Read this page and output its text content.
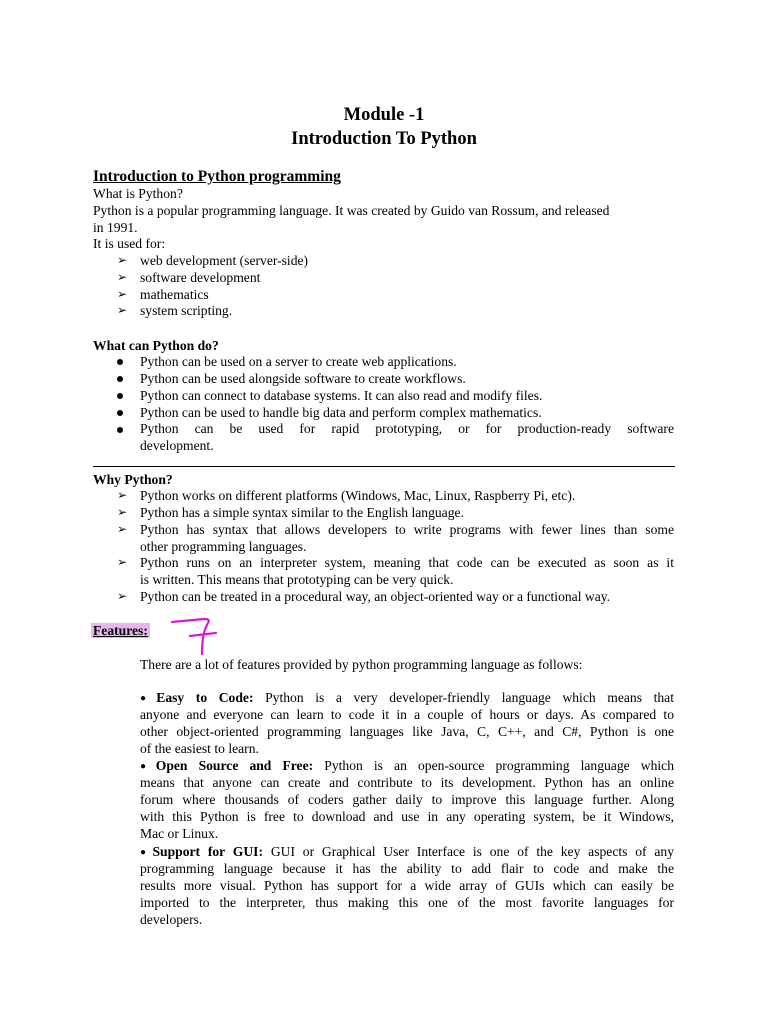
Module -1
Introduction To Python
Introduction to Python programming
What is Python?
Python is a popular programming language. It was created by Guido van Rossum, and released
in 1991.
It is used for:
➢ web development (server-side)
➢ software development
➢ mathematics
➢ system scripting.
What can Python do?
Python can be used on a server to create web applications.
Python can be used alongside software to create workflows.
Python can connect to database systems. It can also read and modify files.
Python can be used to handle big data and perform complex mathematics.
Python can be used for rapid prototyping, or for production-ready software
development.
Why Python?
➢ Python works on different platforms (Windows, Mac, Linux, Raspberry Pi, etc).
➢ Python has a simple syntax similar to the English language.
➢ Python has syntax that allows developers to write programs with fewer lines than some
other programming languages.
➢ Python runs on an interpreter system, meaning that code can be executed as soon as it
is written. This means that prototyping can be very quick.
➢ Python can be treated in a procedural way, an object-oriented way or a functional way.
Features:
There are a lot of features provided by python programming language as follows:
● Easy to Code: Python is a very developer-friendly language which means that
anyone and everyone can learn to code it in a couple of hours or days. As compared to
other object-oriented programming languages like Java, C, C++, and C#, Python is one
of the easiest to learn.
● Open Source and Free: Python is an open-source programming language which
means that anyone can create and contribute to its development. Python has an online
forum where thousands of coders gather daily to improve this language further. Along
with this Python is free to download and use in any operating system, be it Windows,
Mac or Linux.
● Support for GUI: GUI or Graphical User Interface is one of the key aspects of any
programming language because it has the ability to add flair to code and make the
results more visual. Python has support for a wide array of GUIs which can easily be
imported to the interpreter, thus making this one of the most favorite languages for
developers.
